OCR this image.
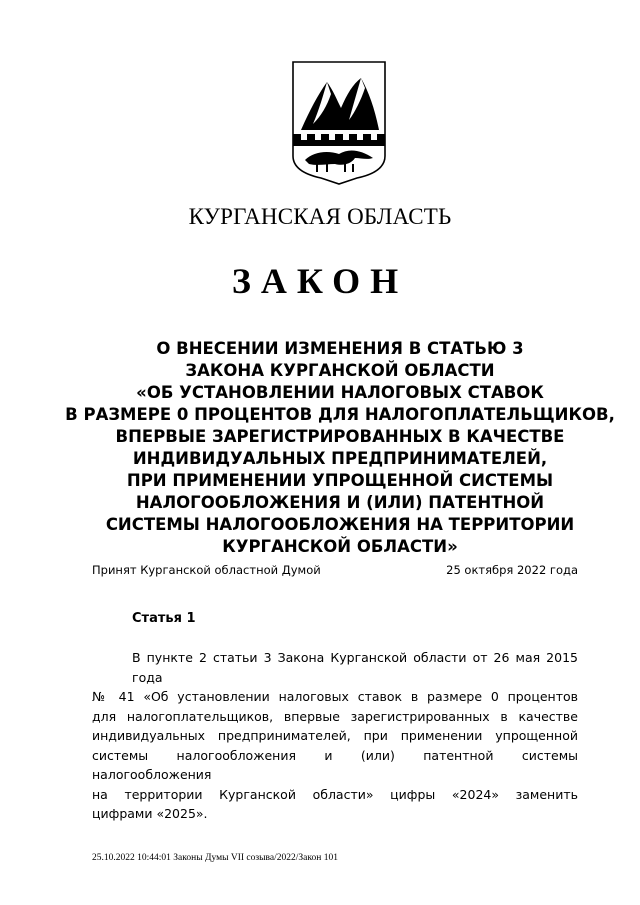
КУРГАНСКАЯ ОБЛАСТЬ
ЗАКОН
О ВНЕСЕНИИ ИЗМЕНЕНИЯ В СТАТЬЮ 3
ЗАКОНА КУРГАНСКОЙ ОБЛАСТИ
«ОБ УСТАНОВЛЕНИИ НАЛОГОВЫХ СТАВОК
В РАЗМЕРЕ 0 ПРОЦЕНТОВ ДЛЯ НАЛОГОПЛАТЕЛЬЩИКОВ,
ВПЕРВЫЕ ЗАРЕГИСТРИРОВАННЫХ В КАЧЕСТВЕ
ИНДИВИДУАЛЬНЫХ ПРЕДПРИНИМАТЕЛЕЙ,
ПРИ ПРИМЕНЕНИИ УПРОЩЕННОЙ СИСТЕМЫ
НАЛОГООБЛОЖЕНИЯ И (ИЛИ) ПАТЕНТНОЙ
СИСТЕМЫ НАЛОГООБЛОЖЕНИЯ НА ТЕРРИТОРИИ
КУРГАНСКОЙ ОБЛАСТИ»
Принят Курганской областной Думой	25 октября 2022 года
Статья 1
В пункте 2 статьи 3 Закона Курганской области от 26 мая 2015 года
№ 41 «Об установлении налоговых ставок в размере 0 процентов
для налогоплательщиков, впервые зарегистрированных в качестве
индивидуальных предпринимателей, при применении упрощенной
системы налогообложения и (или) патентной системы налогообложения
на территории Курганской области» цифры «2024» заменить
цифрами «2025».
25.10.2022 10:44:01 Законы Думы VII созыва/2022/Закон 101
